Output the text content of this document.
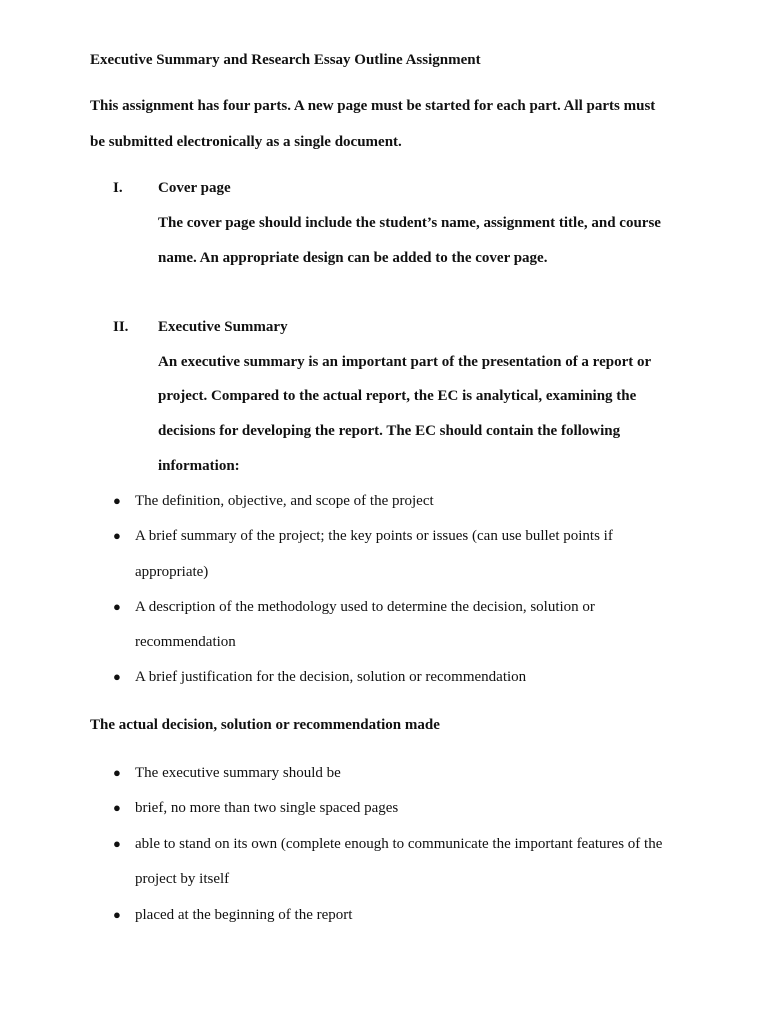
Executive Summary and Research Essay Outline Assignment
This assignment has four parts. A new page must be started for each part. All parts must
be submitted electronically as a single document.
I. Cover page
The cover page should include the student’s name, assignment title, and course
name. An appropriate design can be added to the cover page.
II. Executive Summary
An executive summary is an important part of the presentation of a report or
project. Compared to the actual report, the EC is analytical, examining the
decisions for developing the report. The EC should contain the following
information:
● The definition, objective, and scope of the project
● A brief summary of the project; the key points or issues (can use bullet points if
appropriate)
● A description of the methodology used to determine the decision, solution or
recommendation
● A brief justification for the decision, solution or recommendation
The actual decision, solution or recommendation made
● The executive summary should be
● brief, no more than two single spaced pages
● able to stand on its own (complete enough to communicate the important features of the
project by itself
● placed at the beginning of the report
